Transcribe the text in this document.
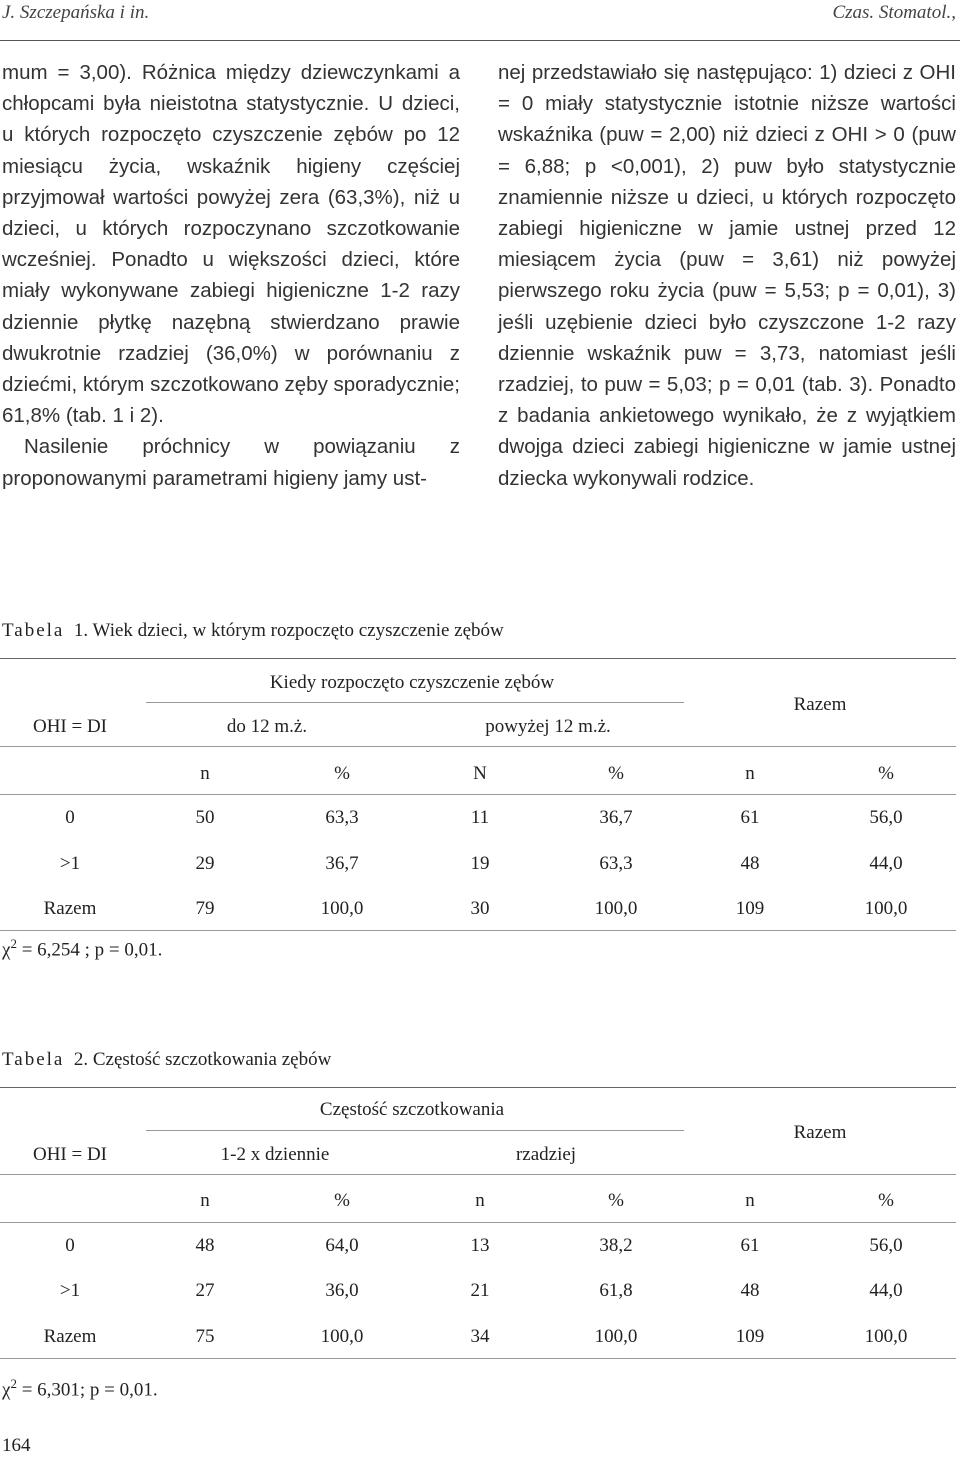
J. Szczepańska i in.	Czas. Stomatol.,

mum = 3,00). Różnica między dziewczynkami a chłopcami była nieistotna statystycznie. U dzieci, u których rozpoczęto czyszczenie zębów po 12 miesiącu życia, wskaźnik higieny częściej przyjmował wartości powyżej zera (63,3%), niż u dzieci, u których rozpoczynano szczotkowanie wcześniej. Ponadto u większości dzieci, które miały wykonywane zabiegi higieniczne 1-2 razy dziennie płytkę nazębną stwierdzano prawie dwukrotnie rzadziej (36,0%) w porównaniu z dziećmi, którym szczotkowano zęby sporadycznie; 61,8% (tab. 1 i 2).

Nasilenie próchnicy w powiązaniu z proponowanymi parametrami higieny jamy ust-

nej przedstawiało się następująco: 1) dzieci z OHI = 0 miały statystycznie istotnie niższe wartości wskaźnika (puw = 2,00) niż dzieci z OHI > 0 (puw = 6,88; p <0,001), 2) puw było statystycznie znamiennie niższe u dzieci, u których rozpoczęto zabiegi higieniczne w jamie ustnej przed 12 miesiącem życia (puw = 3,61) niż powyżej pierwszego roku życia (puw = 5,53; p = 0,01), 3) jeśli uzębienie dzieci było czyszczone 1-2 razy dziennie wskaźnik puw = 3,73, natomiast jeśli rzadziej, to puw = 5,03; p = 0,01 (tab. 3). Ponadto z badania ankietowego wynikało, że z wyjątkiem dwojga dzieci zabiegi higieniczne w jamie ustnej dziecka wykonywali rodzice.

Tabela 1. Wiek dzieci, w którym rozpoczęto czyszczenie zębów
OHI = DI
Kiedy rozpoczęto czyszczenie zębów
do 12 m.ż.	powyżej 12 m.ż.
Razem
n	%	N	%	n	%
0	50	63,3	11	36,7	61	56,0
>1	29	36,7	19	63,3	48	44,0
Razem	79	100,0	30	100,0	109	100,0
$\chi^2 = 6,254$ ; p = 0,01.
Tabela 2. Częstość szczotkowania zębów
OHI = DI
Częstość szczotkowania
1-2 x dziennie	rzadziej
Razem
n	%	n	%	n	%
0	48	64,0	13	38,2	61	56,0
>1	27	36,0	21	61,8	48	44,0
Razem	75	100,0	34	100,0	109	100,0
$\chi^2 = 6,301$; p = 0,01.
164
